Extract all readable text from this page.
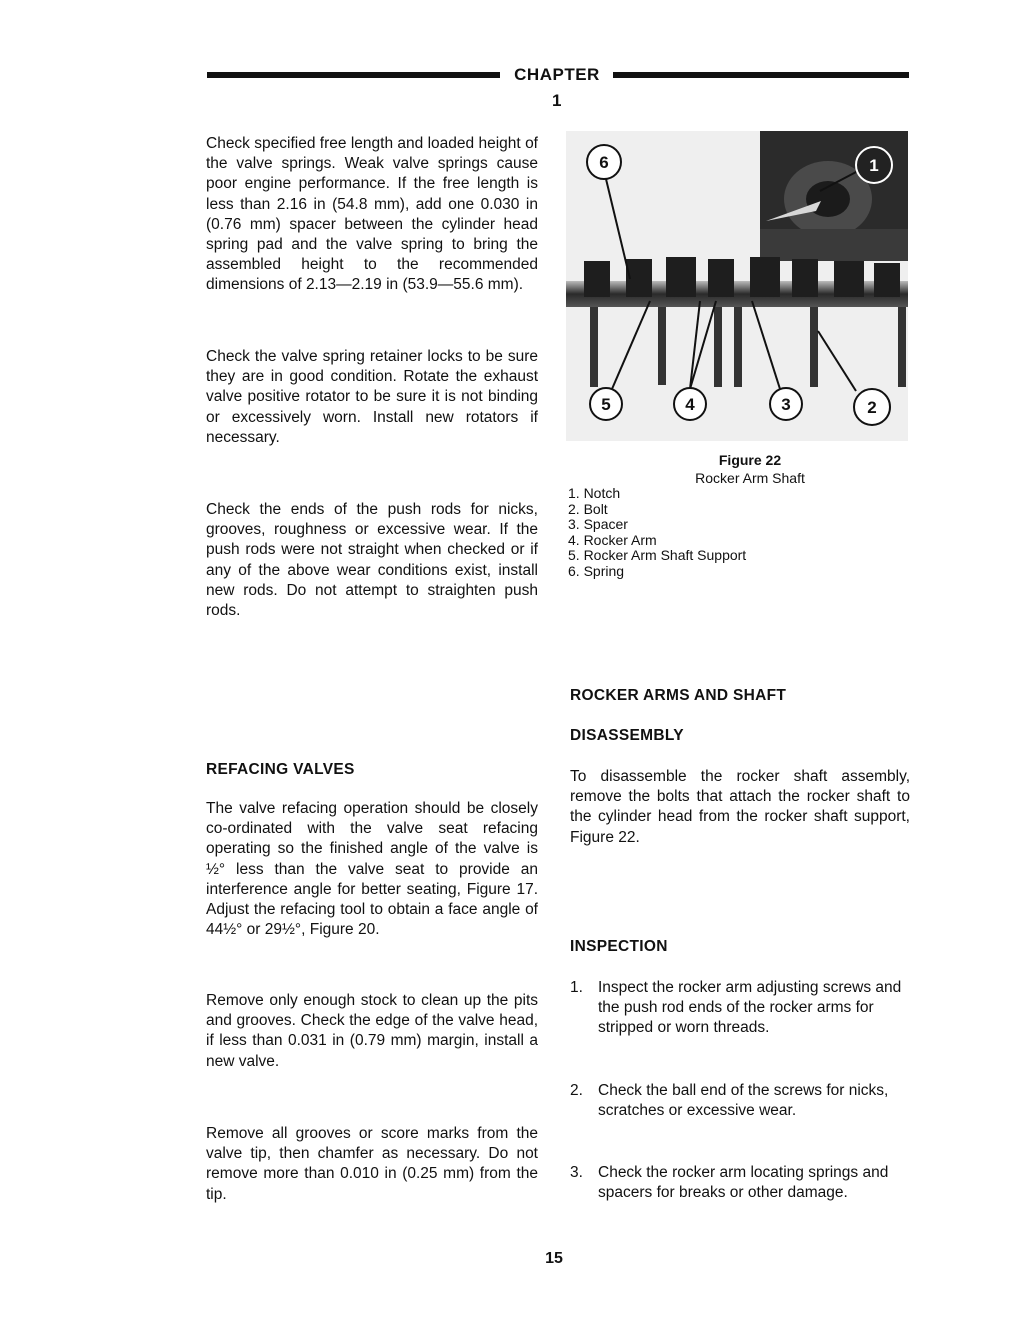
CHAPTER 1

Check specified free length and loaded height of the valve springs. Weak valve springs cause poor engine performance. If the free length is less than 2.16 in (54.8 mm), add one 0.030 in (0.76 mm) spacer between the cylinder head spring pad and the valve spring to bring the assembled height to the recommended dimensions of 2.13—2.19 in (53.9—55.6 mm).

Check the valve spring retainer locks to be sure they are in good condition. Rotate the exhaust valve positive rotator to be sure it is not binding or excessively worn. Install new rotators if necessary.

Check the ends of the push rods for nicks, grooves, roughness or excessive wear. If the push rods were not straight when checked or if any of the above wear conditions exist, install new rods. Do not attempt to straighten push rods.

REFACING VALVES

The valve refacing operation should be closely co-ordinated with the valve seat refacing operating so the finished angle of the valve is ½° less than the valve seat to provide an interference angle for better seating, Figure 17. Adjust the refacing tool to obtain a face angle of 44½° or 29½°, Figure 20.

Remove only enough stock to clean up the pits and grooves. Check the edge of the valve head, if less than 0.031 in (0.79 mm) margin, install a new valve.

Remove all grooves or score marks from the valve tip, then chamfer as necessary. Do not remove more than 0.010 in (0.25 mm) from the tip.

6	1
5	4	3	2
Figure 22
Rocker Arm Shaft
1. Notch
2. Bolt
3. Spacer
4. Rocker Arm
5. Rocker Arm Shaft Support
6. Spring
ROCKER ARMS AND SHAFT
DISASSEMBLY

To disassemble the rocker shaft assembly, remove the bolts that attach the rocker shaft to the cylinder head from the rocker shaft support, Figure 22.

INSPECTION
1. Inspect the rocker arm adjusting screws and the push rod ends of the rocker arms for stripped or worn threads.

2. Check the ball end of the screws for nicks, scratches or excessive wear.

3. Check the rocker arm locating springs and spacers for breaks or other damage.

15
